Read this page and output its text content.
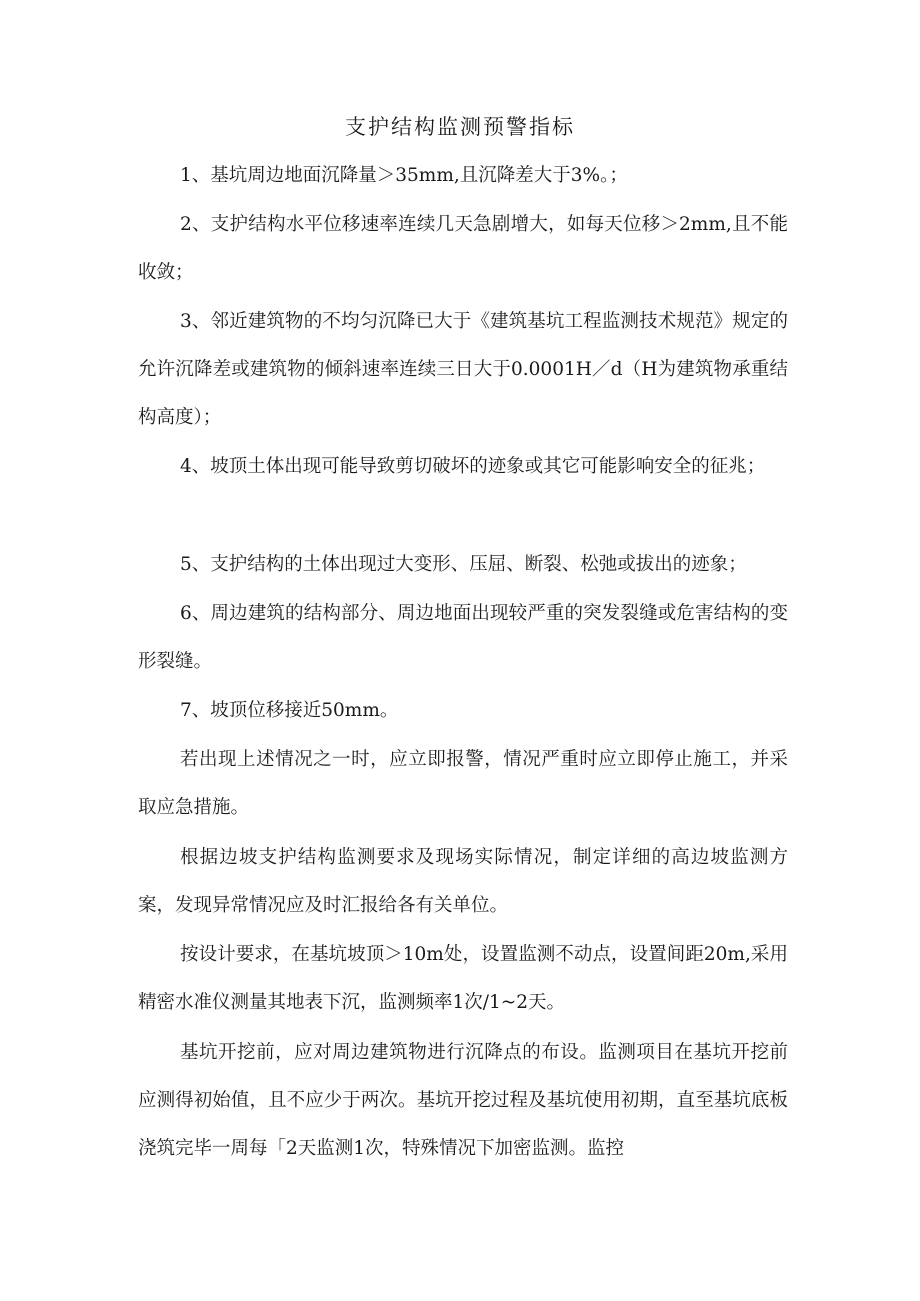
支护结构监测预警指标

1、基坑周边地面沉降量＞35mm,且沉降差大于3%。；

2、支护结构水平位移速率连续几天急剧增大，如每天位移＞2mm,且不能收敛；

3、邻近建筑物的不均匀沉降已大于《建筑基坑工程监测技术规范》规定的允许沉降差或建筑物的倾斜速率连续三日大于0.0001H／d（H为建筑物承重结构高度）；

4、坡顶土体出现可能导致剪切破坏的迹象或其它可能影响安全的征兆；

5、支护结构的土体出现过大变形、压屈、断裂、松弛或拔出的迹象；

6、周边建筑的结构部分、周边地面出现较严重的突发裂缝或危害结构的变形裂缝。

7、坡顶位移接近50mm。

若出现上述情况之一时，应立即报警，情况严重时应立即停止施工，并采取应急措施。

根据边坡支护结构监测要求及现场实际情况，制定详细的高边坡监测方案，发现异常情况应及时汇报给各有关单位。

按设计要求，在基坑坡顶＞10m处，设置监测不动点，设置间距20m,采用精密水准仪测量其地表下沉，监测频率1次/1~2天。

基坑开挖前，应对周边建筑物进行沉降点的布设。监测项目在基坑开挖前应测得初始值，且不应少于两次。基坑开挖过程及基坑使用初期，直至基坑底板浇筑完毕一周每「2天监测1次，特殊情况下加密监测。监控
